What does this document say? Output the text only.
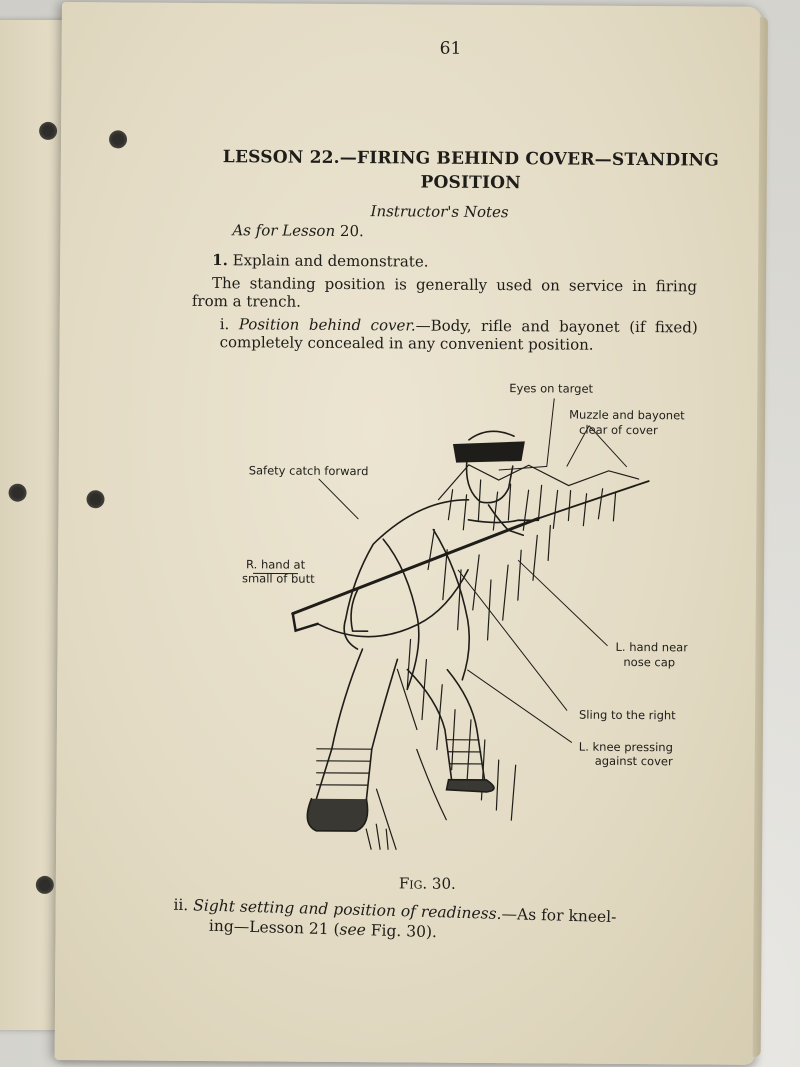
61
LESSON 22.—FIRING BEHIND COVER—STANDING POSITION
Instructor's Notes
As for Lesson 20.
1. Explain and demonstrate.
The standing position is generally used on service in firing from a trench.
i. Position behind cover.—Body, rifle and bayonet (if fixed) completely concealed in any convenient position.
Eyes on target
Muzzle and bayonet
clear of cover
Safety catch forward
R. hand at
small of butt
L. hand near
nose cap
Sling to the right
L. knee pressing
against cover
Fig. 30.
ii. Sight setting and position of readiness.—As for kneel-
ing—Lesson 21 (see Fig. 30).
